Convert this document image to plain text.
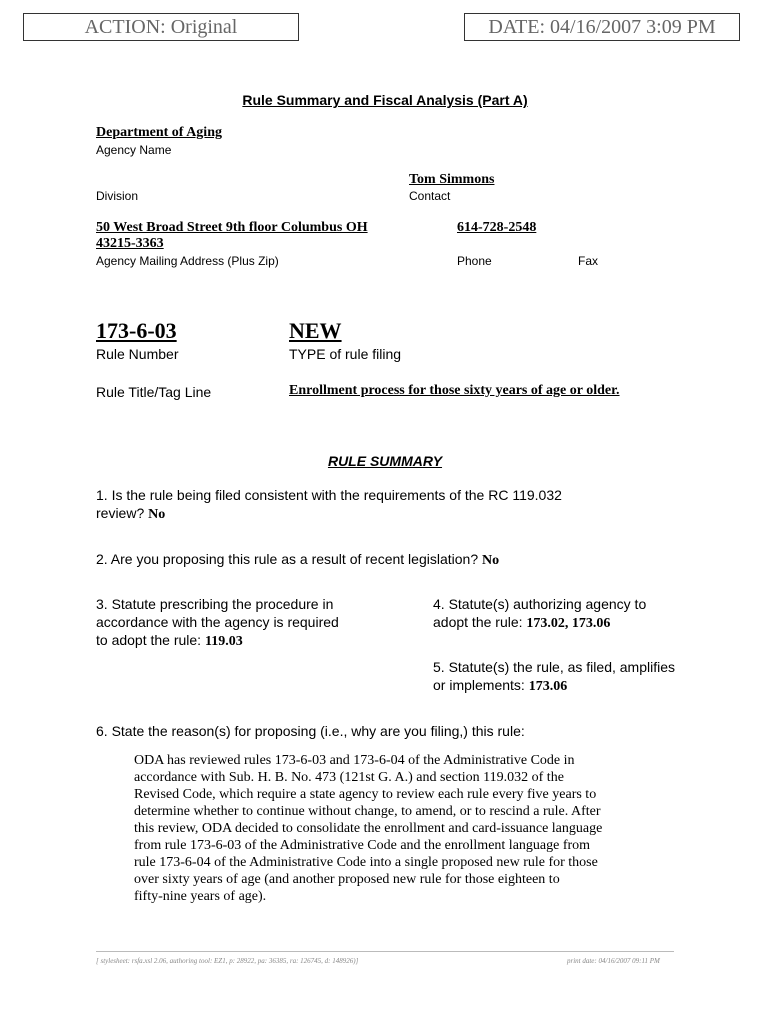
ACTION: Original	DATE: 04/16/2007 3:09 PM
Rule Summary and Fiscal Analysis (Part A)
Department of Aging
Agency Name
Tom Simmons
Division	Contact
50 West Broad Street 9th floor Columbus OH
43215-3363
614-728-2548
Agency Mailing Address (Plus Zip)	Phone	Fax
173-6-03	NEW
Rule Number	TYPE of rule filing
Rule Title/Tag Line	Enrollment process for those sixty years of age or older.
RULE SUMMARY
1. Is the rule being filed consistent with the requirements of the RC 119.032
review? No
2. Are you proposing this rule as a result of recent legislation? No
3. Statute prescribing the procedure in
accordance with the agency is required
to adopt the rule: 119.03
4. Statute(s) authorizing agency to
adopt the rule: 173.02, 173.06
5. Statute(s) the rule, as filed, amplifies
or implements: 173.06
6. State the reason(s) for proposing (i.e., why are you filing,) this rule:
ODA has reviewed rules 173-6-03 and 173-6-04 of the Administrative Code in
accordance with Sub. H. B. No. 473 (121st G. A.) and section 119.032 of the
Revised Code, which require a state agency to review each rule every five years to
determine whether to continue without change, to amend, or to rescind a rule. After
this review, ODA decided to consolidate the enrollment and card-issuance language
from rule 173-6-03 of the Administrative Code and the enrollment language from
rule 173-6-04 of the Administrative Code into a single proposed new rule for those
over sixty years of age (and another proposed new rule for those eighteen to
fifty-nine years of age).
[ stylesheet: rsfa.xsl 2.06, authoring tool: EZ1, p: 28922, pa: 36385, ra: 126745, d: 148926)]	print date: 04/16/2007 09:11 PM
